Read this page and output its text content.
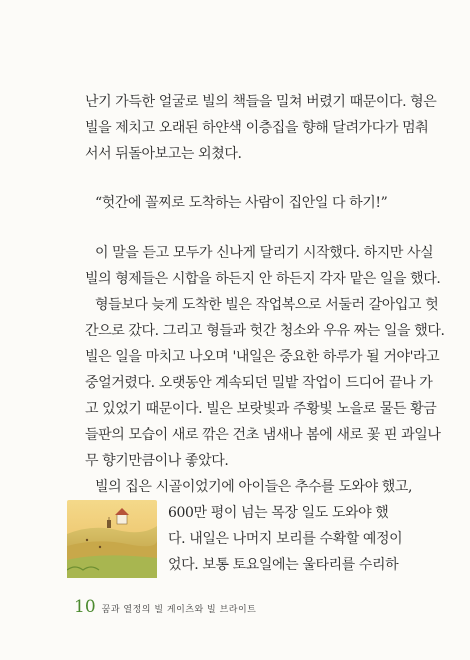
난기 가득한 얼굴로 빌의 책들을 밀쳐 버렸기 때문이다. 형은
빌을 제치고 오래된 하얀색 이층집을 향해 달려가다가 멈춰
서서 뒤돌아보고는 외쳤다.
“헛간에 꼴찌로 도착하는 사람이 집안일 다 하기!”
이 말을 듣고 모두가 신나게 달리기 시작했다. 하지만 사실
빌의 형제들은 시합을 하든지 안 하든지 각자 맡은 일을 했다.
형들보다 늦게 도착한 빌은 작업복으로 서둘러 갈아입고 헛
간으로 갔다. 그리고 형들과 헛간 청소와 우유 짜는 일을 했다.
빌은 일을 마치고 나오며 '내일은 중요한 하루가 될 거야'라고
중얼거렸다. 오랫동안 계속되던 밀밭 작업이 드디어 끝나 가
고 있었기 때문이다. 빌은 보랏빛과 주황빛 노을로 물든 황금
들판의 모습이 새로 깎은 건초 냄새나 봄에 새로 꽃 핀 과일나
무 향기만큼이나 좋았다.
빌의 집은 시골이었기에 아이들은 추수를 도와야 했고,
600만 평이 넘는 목장 일도 도와야 했
다. 내일은 나머지 보리를 수확할 예정이
었다. 보통 토요일에는 울타리를 수리하
10 꿈과 열정의 빌 게이츠와 빌 브라이트
